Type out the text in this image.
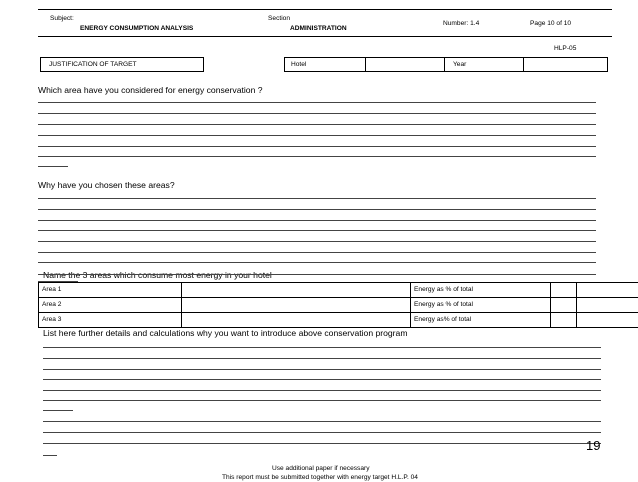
Subject:
ENERGY CONSUMPTION ANALYSIS
Section
ADMINISTRATION
Number: 1.4	Page 10 of 10
HLP-05
JUSTIFICATION OF TARGET	Hotel	Year
Which area have you considered for energy conservation ?
Why have you chosen these areas?
Name the 3 areas which consume most energy in your hotel
Area 1		Energy as % of total		
Area 2		Energy as % of total		
Area 3		Energy as% of total		
List here further details and calculations why you want to introduce above conservation program
19
Use additional paper if necessary
This report must be submitted together with energy target H.L.P. 04
